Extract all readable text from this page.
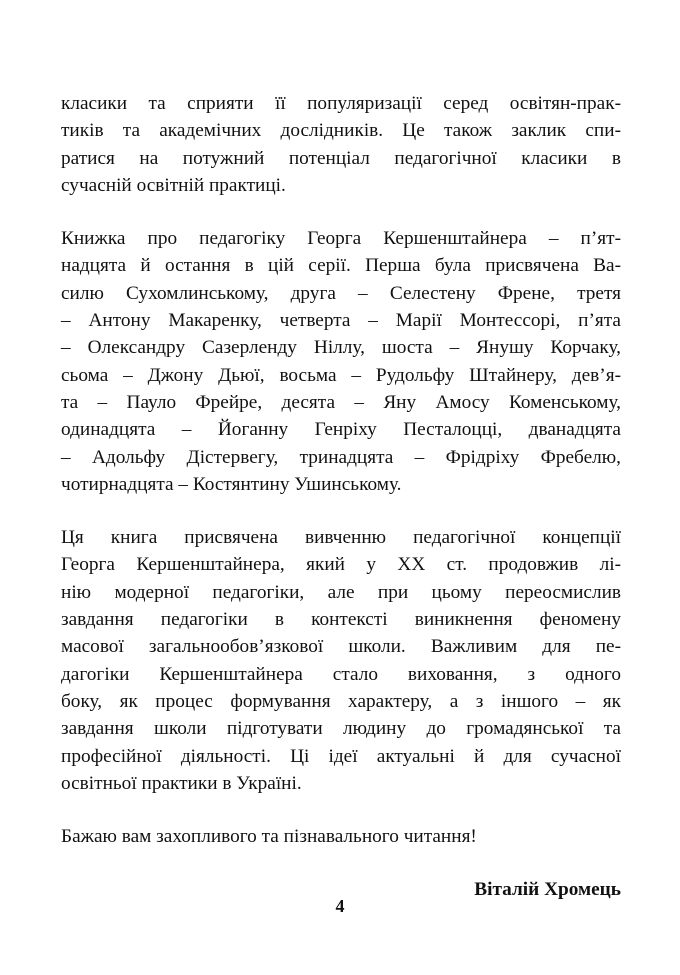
класики та сприяти її популяризації серед освітян-прак-
тиків та академічних дослідників. Це також заклик спи-
ратися на потужний потенціал педагогічної класики в
сучасній освітній практиці.

Книжка про педагогіку Георга Кершенштайнера – п’ят-
надцята й остання в цій серії. Перша була присвячена Ва-
силю Сухомлинському, друга – Селестену Френе, третя
– Антону Макаренку, четверта – Марії Монтессорі, п’ята
– Олександру Сазерленду Ніллу, шоста – Янушу Корчаку,
сьома – Джону Дьюї, восьма – Рудольфу Штайнеру, дев’я-
та – Пауло Фрейре, десята – Яну Амосу Коменському,
одинадцята – Йоганну Генріху Песталоцці, дванадцята
– Адольфу Дістервегу, тринадцята – Фрідріху Фребелю,
чотирнадцята – Костянтину Ушинському.

Ця книга присвячена вивченню педагогічної концепції
Георга Кершенштайнера, який у XX ст. продовжив лі-
нію модерної педагогіки, але при цьому переосмислив
завдання педагогіки в контексті виникнення феномену
масової загальнообов’язкової школи. Важливим для пе-
дагогіки Кершенштайнера стало виховання, з одного
боку, як процес формування характеру, а з іншого – як
завдання школи підготувати людину до громадянської та
професійної діяльності. Ці ідеї актуальні й для сучасної
освітньої практики в Україні.

Бажаю вам захопливого та пізнавального читання!

Віталій Хромець

4
